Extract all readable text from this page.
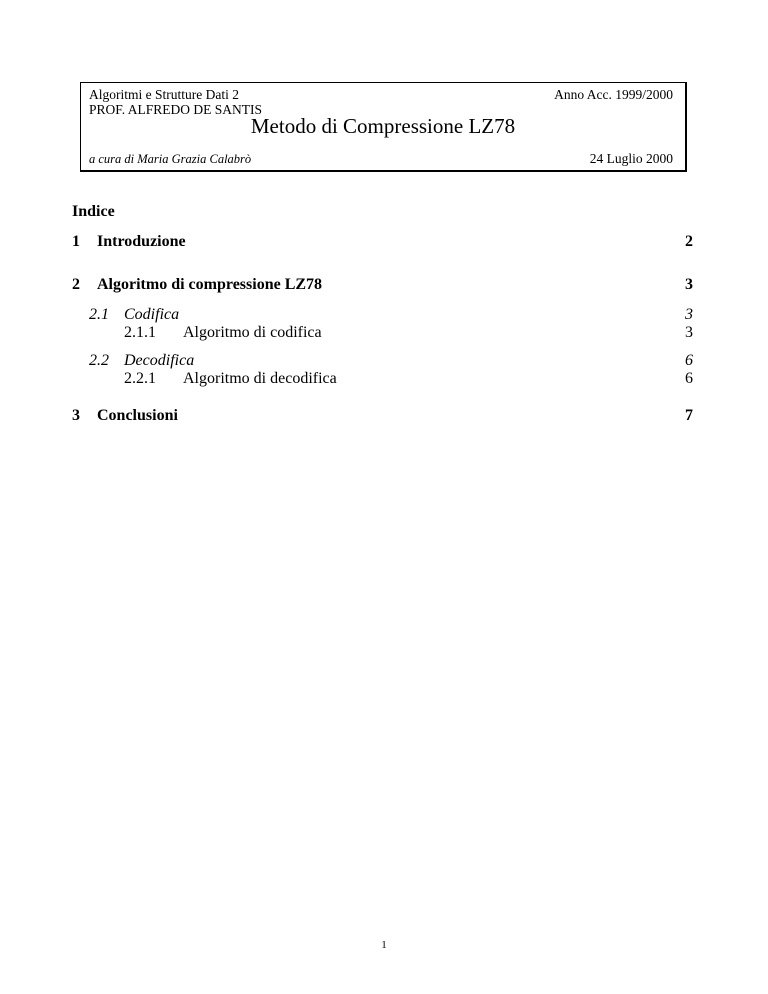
Algoritmi e Strutture Dati 2
PROF. ALFREDO DE SANTIS
Anno Acc. 1999/2000
Metodo di Compressione LZ78
a cura di Maria Grazia Calabrò	24 Luglio 2000
Indice
1 Introduzione	2
2 Algoritmo di compressione LZ78	3
2.1 Codifica	3
2.1.1 Algoritmo di codifica	3
2.2 Decodifica	6
2.2.1 Algoritmo di decodifica	6
3 Conclusioni	7
1
